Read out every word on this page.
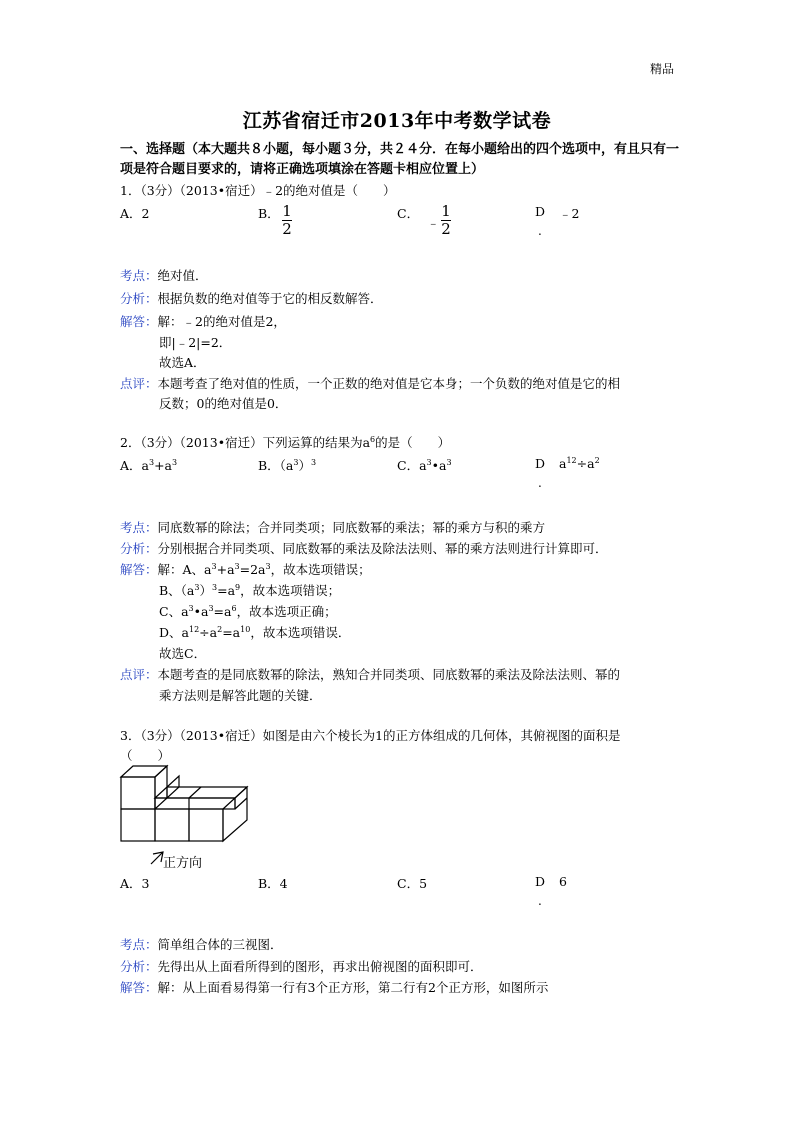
精品
江苏省宿迁市2013年中考数学试卷
一、选择题（本大题共８小题，每小题３分，共２４分．在每小题给出的四个选项中，有且只有一项是符合题目要求的，请将正确选项填涂在答题卡相应位置上）
1．（3分）（2013•宿迁）﹣2的绝对值是（　　）
A．2	B． 1
2
C．
﹣
1
2
D ﹣2
.
考点：绝对值．
分析：根据负数的绝对值等于它的相反数解答．
解答：解：﹣2的绝对值是2，
即|﹣2|=2．
故选A．
点评：本题考查了绝对值的性质，一个正数的绝对值是它本身；一个负数的绝对值是它的相
反数；0的绝对值是0．
2．（3分）（2013•宿迁）下列运算的结果为$a^6$的是（　　）
A．$a^3+a^3$	B．$(a^3)^3$	C．$a^3•a^3$	D $a^{12}\div a^2$
.
考点：同底数幂的除法；合并同类项；同底数幂的乘法；幂的乘方与积的乘方
分析：分别根据合并同类项、同底数幂的乘法及除法法则、幂的乘方法则进行计算即可．
解答：解：A、$a^3+a^3=2a^3$，故本选项错误；
B、$(a^3)^3=a^9$，故本选项错误；
C、$a^3•a^3=a^6$，故本选项正确；
D、$a^{12}\div a^2=a^{10}$，故本选项错误．
故选C．
点评：本题考查的是同底数幂的除法，熟知合并同类项、同底数幂的乘法及除法法则、幂的
乘方法则是解答此题的关键．
3．（3分）（2013•宿迁）如图是由六个棱长为1的正方体组成的几何体，其俯视图的面积是
（　　）
正方向
A．3	B．4	C．5	D 6
.
考点：简单组合体的三视图．
分析：先得出从上面看所得到的图形，再求出俯视图的面积即可．
解答：解：从上面看易得第一行有3个正方形，第二行有2个正方形，如图所示
